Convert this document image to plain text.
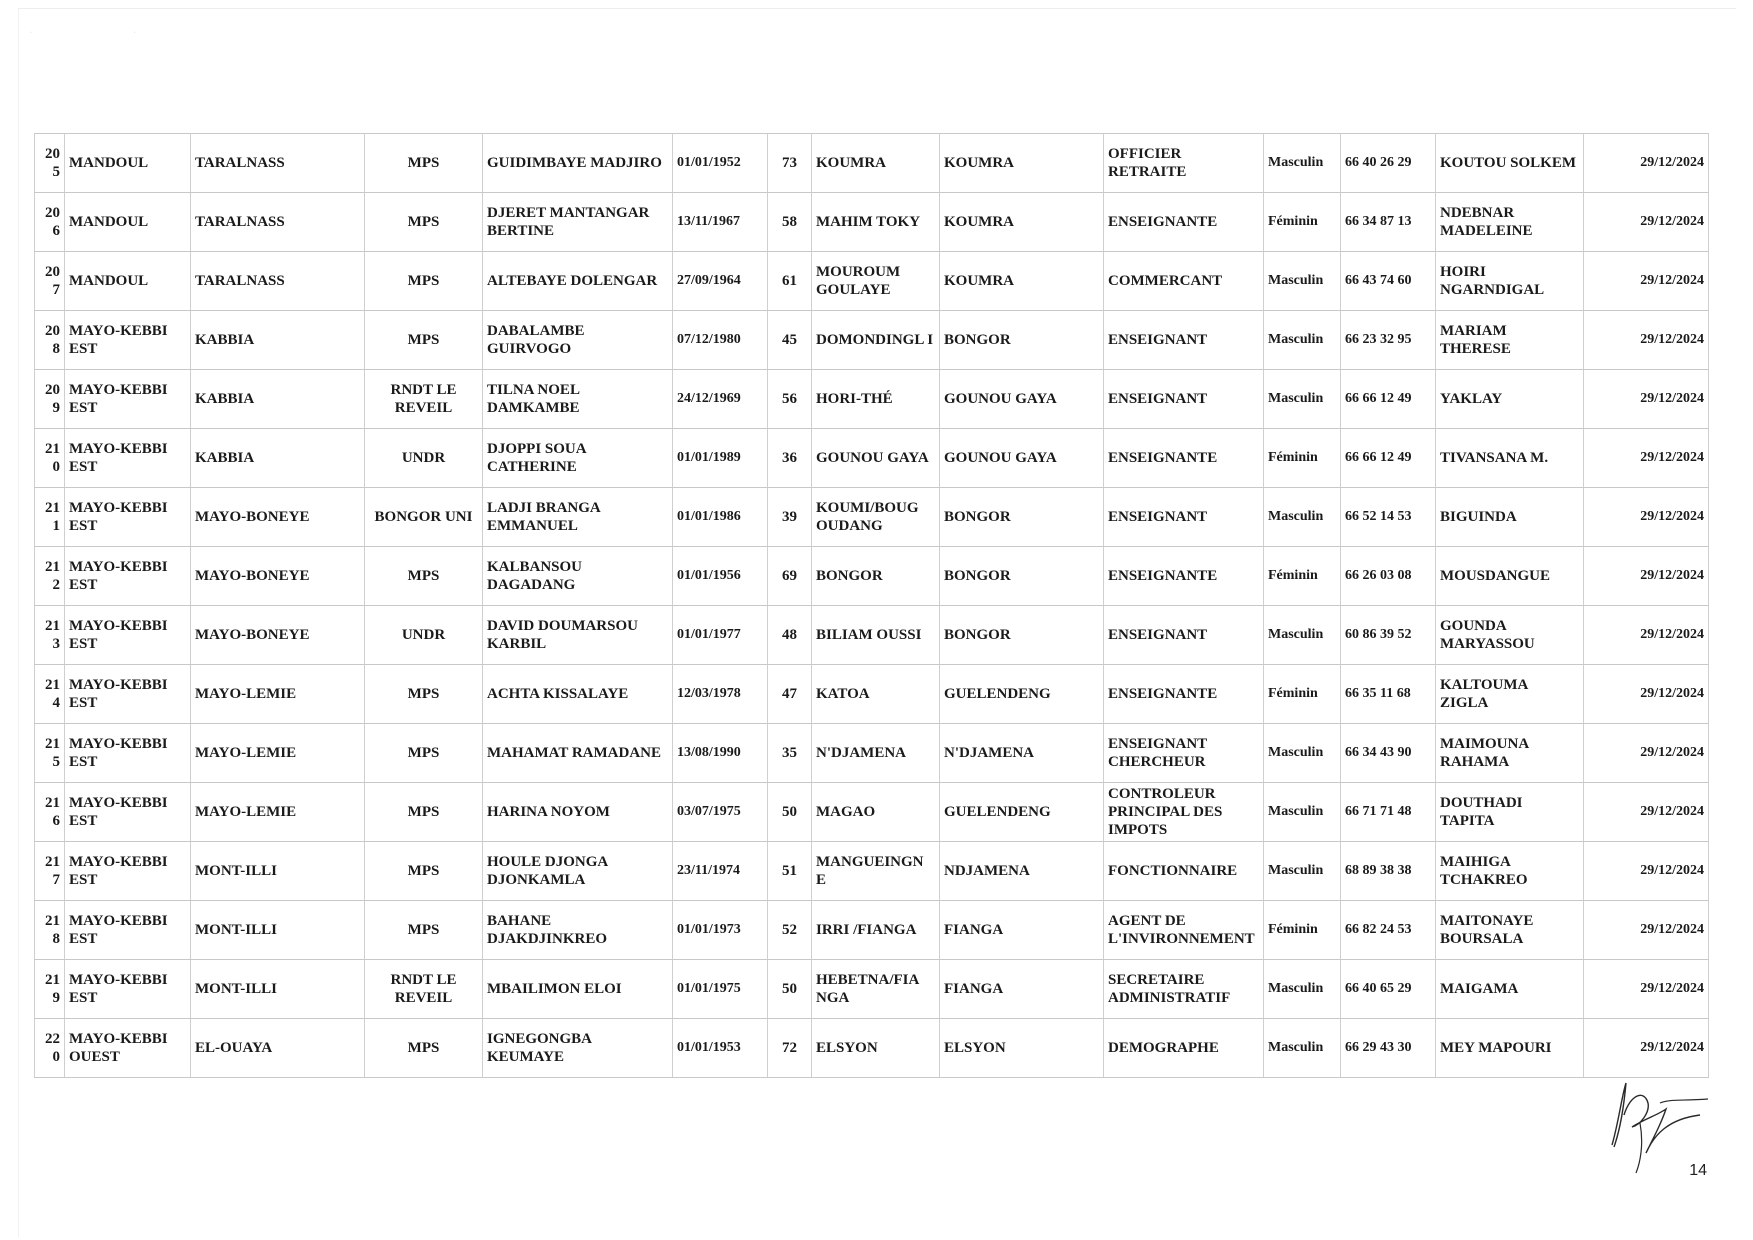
· ·
205	MANDOUL	TARALNASS	MPS	GUIDIMBAYE MADJIRO	01/01/1952	73	KOUMRA	KOUMRA	OFFICIER RETRAITE	Masculin	66 40 26 29	KOUTOU SOLKEM	29/12/2024
206	MANDOUL	TARALNASS	MPS	DJERET MANTANGAR BERTINE	13/11/1967	58	MAHIM TOKY	KOUMRA	ENSEIGNANTE	Féminin	66 34 87 13	NDEBNAR MADELEINE	29/12/2024
207	MANDOUL	TARALNASS	MPS	ALTEBAYE DOLENGAR	27/09/1964	61	MOUROUM GOULAYE	KOUMRA	COMMERCANT	Masculin	66 43 74 60	HOIRI NGARNDIGAL	29/12/2024
208	MAYO-KEBBI EST	KABBIA	MPS	DABALAMBE GUIRVOGO	07/12/1980	45	DOMONDINGL I	BONGOR	ENSEIGNANT	Masculin	66 23 32 95	MARIAM THERESE	29/12/2024
209	MAYO-KEBBI EST	KABBIA	RNDT LE REVEIL	TILNA NOEL DAMKAMBE	24/12/1969	56	HORI-THÉ	GOUNOU GAYA	ENSEIGNANT	Masculin	66 66 12 49	YAKLAY	29/12/2024
210	MAYO-KEBBI EST	KABBIA	UNDR	DJOPPI SOUA CATHERINE	01/01/1989	36	GOUNOU GAYA	GOUNOU GAYA	ENSEIGNANTE	Féminin	66 66 12 49	TIVANSANA M.	29/12/2024
211	MAYO-KEBBI EST	MAYO-BONEYE	BONGOR UNI	LADJI BRANGA EMMANUEL	01/01/1986	39	KOUMI/BOUG OUDANG	BONGOR	ENSEIGNANT	Masculin	66 52 14 53	BIGUINDA	29/12/2024
212	MAYO-KEBBI EST	MAYO-BONEYE	MPS	KALBANSOU DAGADANG	01/01/1956	69	BONGOR	BONGOR	ENSEIGNANTE	Féminin	66 26 03 08	MOUSDANGUE	29/12/2024
213	MAYO-KEBBI EST	MAYO-BONEYE	UNDR	DAVID DOUMARSOU KARBIL	01/01/1977	48	BILIAM OUSSI	BONGOR	ENSEIGNANT	Masculin	60 86 39 52	GOUNDA MARYASSOU	29/12/2024
214	MAYO-KEBBI EST	MAYO-LEMIE	MPS	ACHTA KISSALAYE	12/03/1978	47	KATOA	GUELENDENG	ENSEIGNANTE	Féminin	66 35 11 68	KALTOUMA ZIGLA	29/12/2024
215	MAYO-KEBBI EST	MAYO-LEMIE	MPS	MAHAMAT RAMADANE	13/08/1990	35	N'DJAMENA	N'DJAMENA	ENSEIGNANT CHERCHEUR	Masculin	66 34 43 90	MAIMOUNA RAHAMA	29/12/2024
216	MAYO-KEBBI EST	MAYO-LEMIE	MPS	HARINA NOYOM	03/07/1975	50	MAGAO	GUELENDENG	CONTROLEUR PRINCIPAL DES IMPOTS	Masculin	66 71 71 48	DOUTHADI TAPITA	29/12/2024
217	MAYO-KEBBI EST	MONT-ILLI	MPS	HOULE DJONGA DJONKAMLA	23/11/1974	51	MANGUEINGN E	NDJAMENA	FONCTIONNAIRE	Masculin	68 89 38 38	MAIHIGA TCHAKREO	29/12/2024
218	MAYO-KEBBI EST	MONT-ILLI	MPS	BAHANE DJAKDJINKREO	01/01/1973	52	IRRI /FIANGA	FIANGA	AGENT DE L'INVIRONNEMENT	Féminin	66 82 24 53	MAITONAYE BOURSALA	29/12/2024
219	MAYO-KEBBI EST	MONT-ILLI	RNDT LE REVEIL	MBAILIMON ELOI	01/01/1975	50	HEBETNA/FIA NGA	FIANGA	SECRETAIRE ADMINISTRATIF	Masculin	66 40 65 29	MAIGAMA	29/12/2024
220	MAYO-KEBBI OUEST	EL-OUAYA	MPS	IGNEGONGBA KEUMAYE	01/01/1953	72	ELSYON	ELSYON	DEMOGRAPHE	Masculin	66 29 43 30	MEY MAPOURI	29/12/2024
14
